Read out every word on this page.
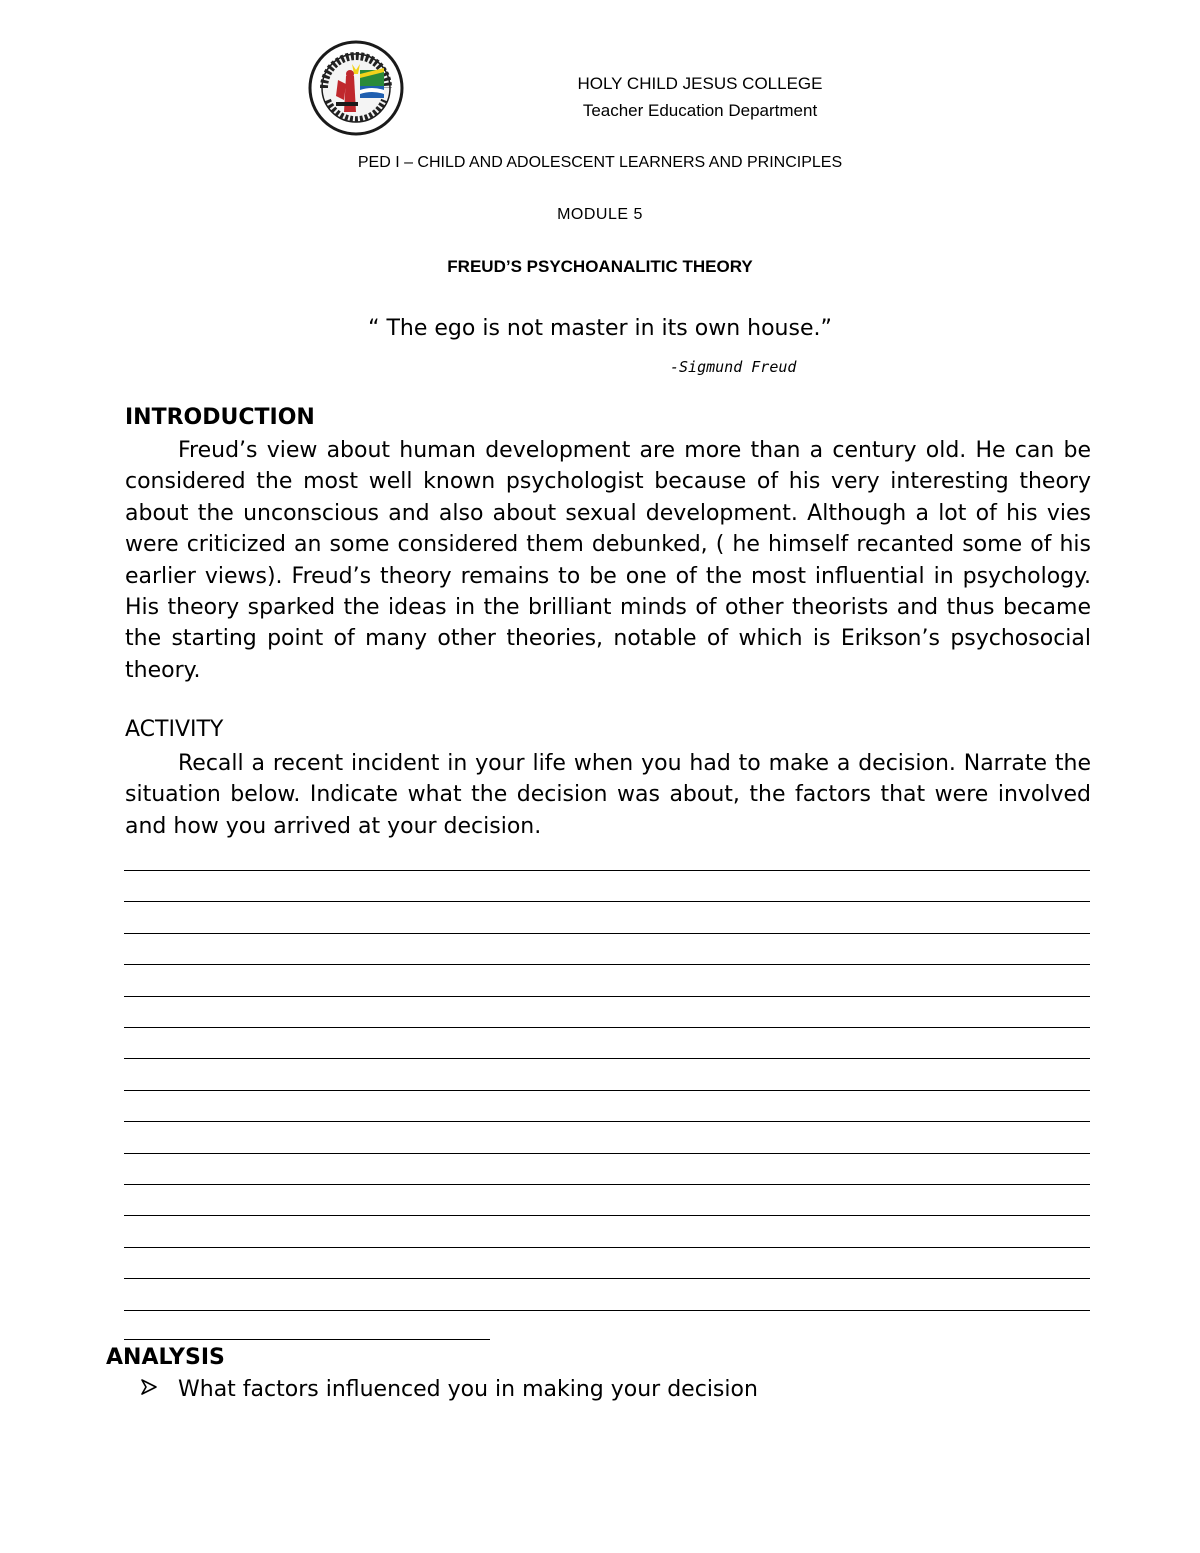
HOLY CHILD JESUS COLLEGE
Teacher Education Department
PED I – CHILD AND ADOLESCENT LEARNERS AND PRINCIPLES
MODULE 5
FREUD’S PSYCHOANALITIC THEORY
“ The ego is not master in its own house.”
-Sigmund Freud
INTRODUCTION

Freud’s view about human development are more than a century old. He can be considered the most well known psychologist because of his very interesting theory about the unconscious and also about sexual development. Although a lot of his vies were criticized an some considered them debunked, ( he himself recanted some of his earlier views). Freud’s theory remains to be one of the most influential in psychology. His theory sparked the ideas in the brilliant minds of other theorists and thus became the starting point of many other theories, notable of which is Erikson’s psychosocial theory.

ACTIVITY

Recall a recent incident in your life when you had to make a decision. Narrate the situation below. Indicate what the decision was about, the factors that were involved and how you arrived at your decision.

ANALYSIS
What factors influenced you in making your decision
